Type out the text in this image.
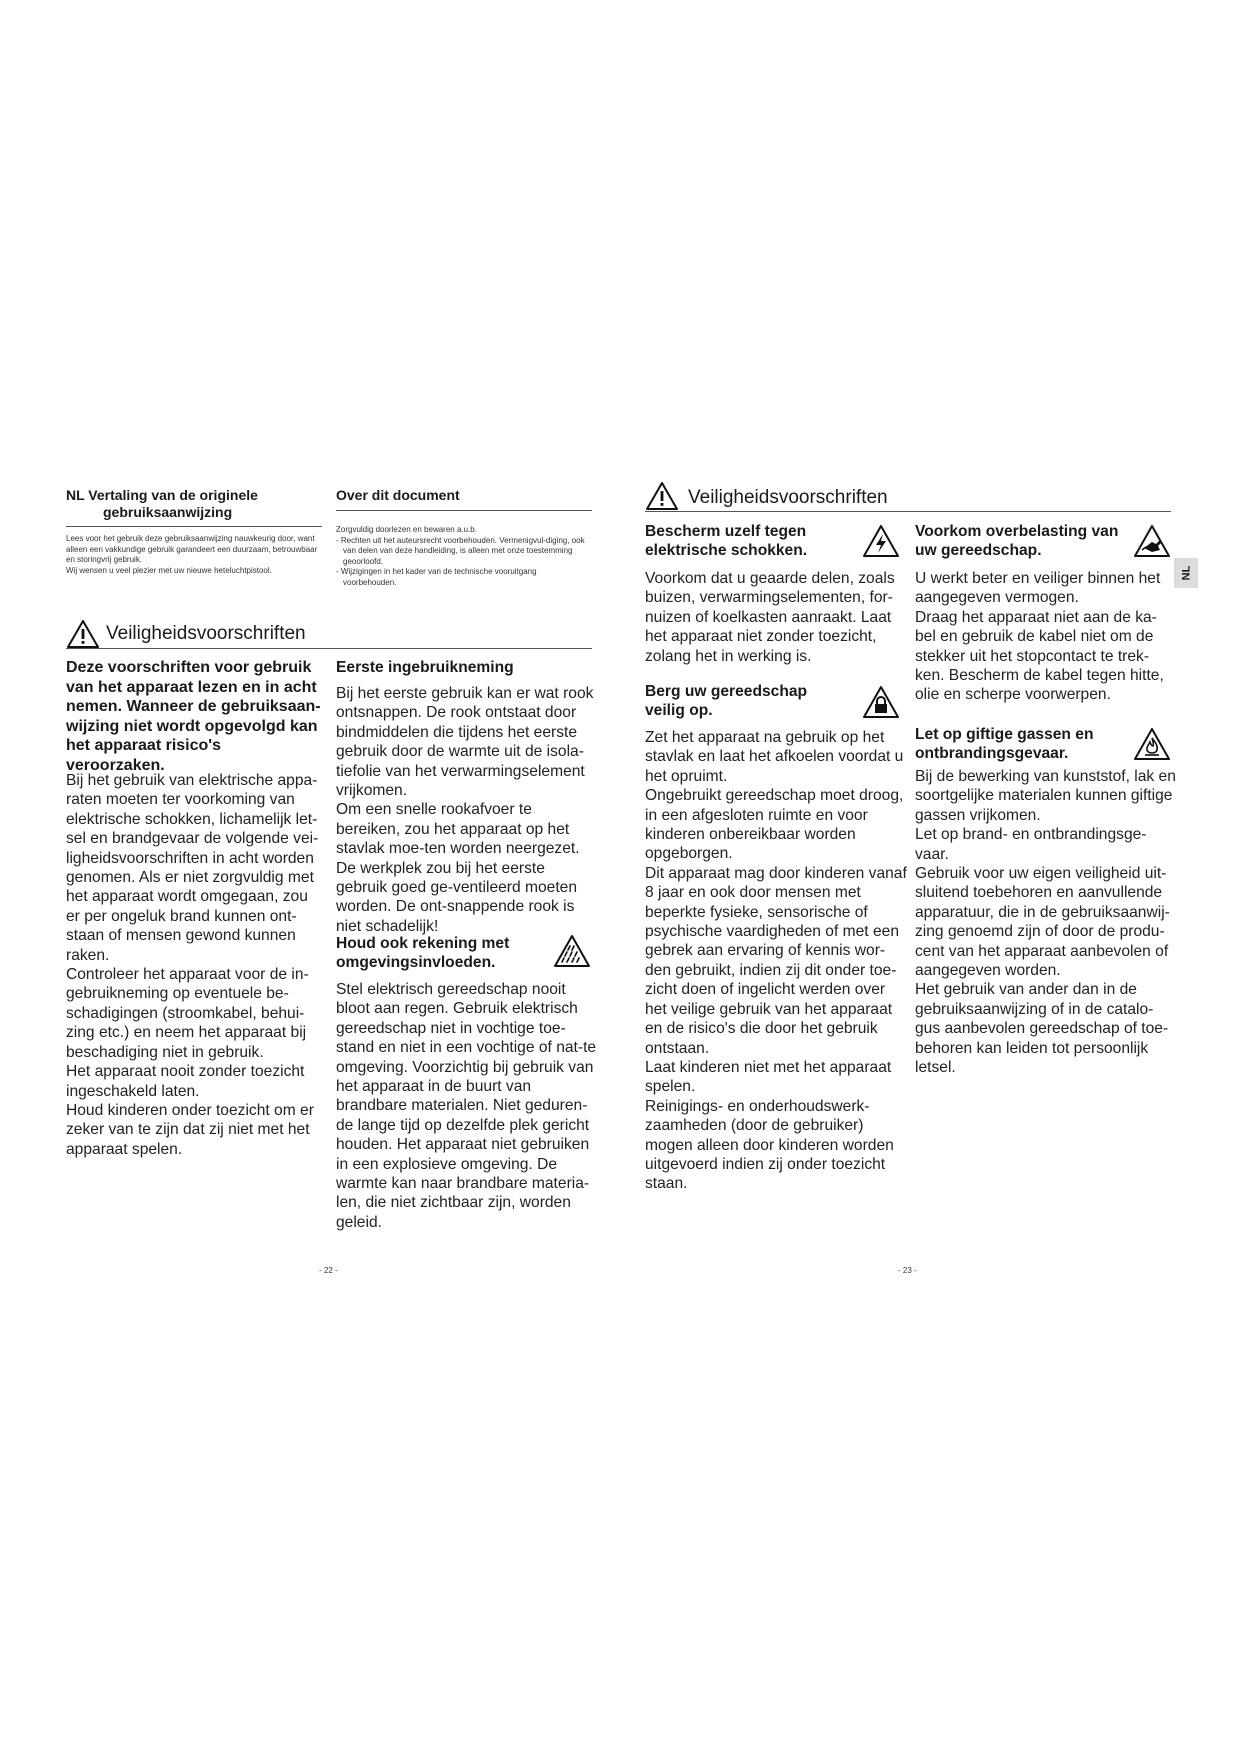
NL Vertaling van de originele
gebruiksaanwijzing

Lees voor het gebruik deze gebruiksaanwijzing nauwkeurig door, want alleen een vakkundige gebruik garandeert een duurzaam, betrouwbaar en storingvrij gebruik.

Wij wensen u veel plezier met uw nieuwe heteluchtpistool.

Over dit document

Zorgvuldig doorlezen en bewaren a.u.b.

- Rechten uit het auteursrecht voorbehouden. Vermenigvul-diging, ook van delen van deze handleiding, is alleen met onze toestemming geoorloofd.

- Wijzigingen in het kader van de technische vooruitgang voorbehouden.

Veiligheidsvoorschriften
Deze voorschriften voor gebruik van het apparaat lezen en in acht nemen. Wanneer de gebruiksaan-wijzing niet wordt opgevolgd kan het apparaat risico's veroorzaken.

Bij het gebruik van elektrische appa-raten moeten ter voorkoming van elektrische schokken, lichamelijk let-sel en brandgevaar de volgende vei-ligheidsvoorschriften in acht worden genomen. Als er niet zorgvuldig met het apparaat wordt omgegaan, zou er per ongeluk brand kunnen ont-staan of mensen gewond kunnen raken.

Controleer het apparaat voor de in-gebruikneming op eventuele be-schadigingen (stroomkabel, behui-zing etc.) en neem het apparaat bij beschadiging niet in gebruik.

Het apparaat nooit zonder toezicht ingeschakeld laten.

Houd kinderen onder toezicht om er zeker van te zijn dat zij niet met het apparaat spelen.

Eerste ingebruikneming

Bij het eerste gebruik kan er wat rook ontsnappen. De rook ontstaat door bindmiddelen die tijdens het eerste gebruik door de warmte uit de isola-tiefolie van het verwarmingselement vrijkomen.

Om een snelle rookafvoer te bereiken, zou het apparaat op het stavlak moe-ten worden neergezet. De werkplek zou bij het eerste gebruik goed ge-ventileerd moeten worden. De ont-snappende rook is niet schadelijk!

Houd ook rekening met omgevingsinvloeden.

Stel elektrisch gereedschap nooit bloot aan regen. Gebruik elektrisch gereedschap niet in vochtige toe-stand en niet in een vochtige of nat-te omgeving. Voorzichtig bij gebruik van het apparaat in de buurt van brandbare materialen. Niet geduren-de lange tijd op dezelfde plek gericht houden. Het apparaat niet gebruiken in een explosieve omgeving. De warmte kan naar brandbare materia-len, die niet zichtbaar zijn, worden geleid.

- 22 -
Veiligheidsvoorschriften
Bescherm uzelf tegen elektrische schokken.

Voorkom dat u geaarde delen, zoals buizen, verwarmingselementen, for-nuizen of koelkasten aanraakt. Laat het apparaat niet zonder toezicht, zolang het in werking is.

Berg uw gereedschap veilig op.

Zet het apparaat na gebruik op het stavlak en laat het afkoelen voordat u het opruimt.

Ongebruikt gereedschap moet droog, in een afgesloten ruimte en voor kinderen onbereikbaar worden opgeborgen.

Dit apparaat mag door kinderen vanaf 8 jaar en ook door mensen met beperkte fysieke, sensorische of psychische vaardigheden of met een gebrek aan ervaring of kennis wor-den gebruikt, indien zij dit onder toe-zicht doen of ingelicht werden over het veilige gebruik van het apparaat en de risico's die door het gebruik ontstaan.

Laat kinderen niet met het apparaat spelen.

Reinigings- en onderhoudswerk-zaamheden (door de gebruiker) mogen alleen door kinderen worden uitgevoerd indien zij onder toezicht staan.

Voorkom overbelasting van uw gereedschap.

U werkt beter en veiliger binnen het aangegeven vermogen.

Draag het apparaat niet aan de ka-bel en gebruik de kabel niet om de stekker uit het stopcontact te trek-ken. Bescherm de kabel tegen hitte, olie en scherpe voorwerpen.

Let op giftige gassen en ontbrandingsgevaar.

Bij de bewerking van kunststof, lak en soortgelijke materialen kunnen giftige gassen vrijkomen.

Let op brand- en ontbrandingsge-vaar.

Gebruik voor uw eigen veiligheid uit-sluitend toebehoren en aanvullende apparatuur, die in de gebruiksaanwij-zing genoemd zijn of door de produ-cent van het apparaat aanbevolen of aangegeven worden.

Het gebruik van ander dan in de gebruiksaanwijzing of in de catalo-gus aanbevolen gereedschap of toe-behoren kan leiden tot persoonlijk letsel.

NL
- 23 -
